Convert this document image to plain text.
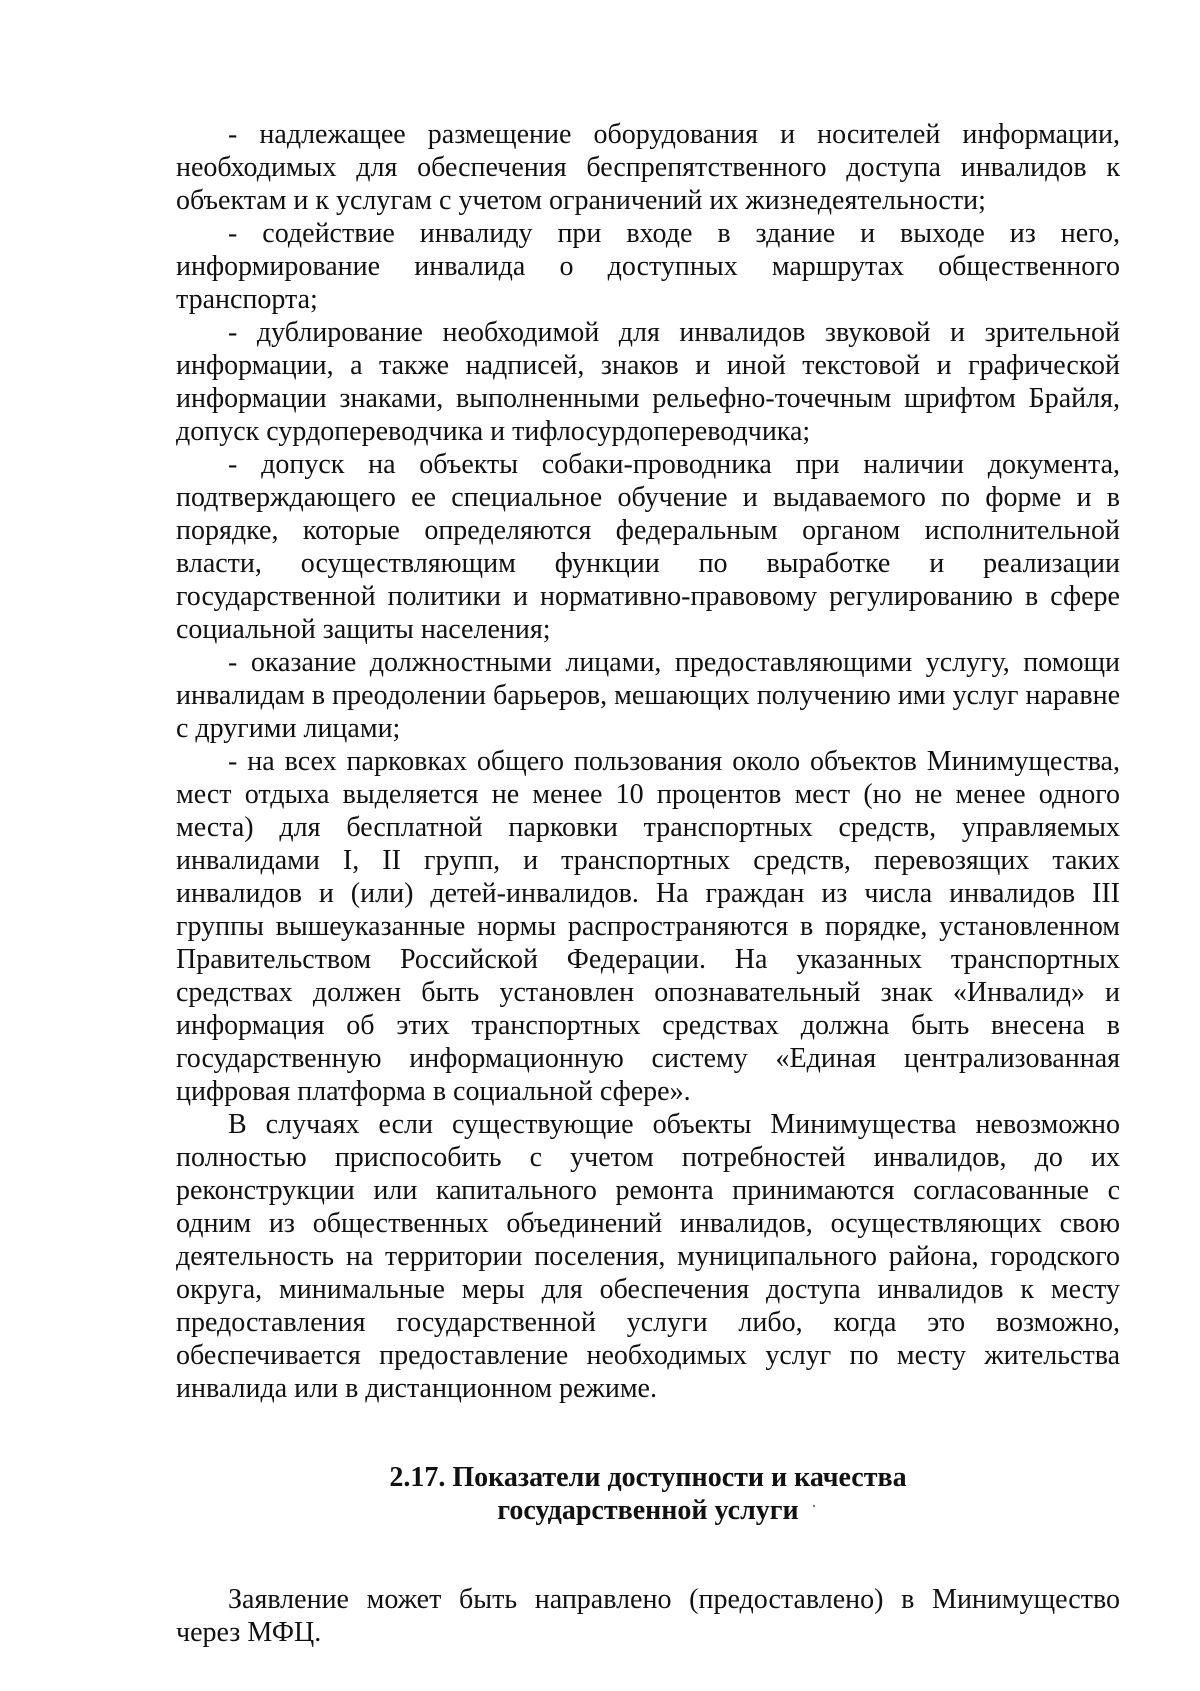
- надлежащее размещение оборудования и носителей информации, необходимых для обеспечения беспрепятственного доступа инвалидов к объектам и к услугам с учетом ограничений их жизнедеятельности;

- содействие инвалиду при входе в здание и выходе из него, информирование инвалида о доступных маршрутах общественного транспорта;

- дублирование необходимой для инвалидов звуковой и зрительной информации, а также надписей, знаков и иной текстовой и графической информации знаками, выполненными рельефно-точечным шрифтом Брайля, допуск сурдопереводчика и тифлосурдопереводчика;

- допуск на объекты собаки-проводника при наличии документа, подтверждающего ее специальное обучение и выдаваемого по форме и в порядке, которые определяются федеральным органом исполнительной власти, осуществляющим функции по выработке и реализации государственной политики и нормативно-правовому регулированию в сфере социальной защиты населения;

- оказание должностными лицами, предоставляющими услугу, помощи инвалидам в преодолении барьеров, мешающих получению ими услуг наравне с другими лицами;

- на всех парковках общего пользования около объектов Минимущества, мест отдыха выделяется не менее 10 процентов мест (но не менее одного места) для бесплатной парковки транспортных средств, управляемых инвалидами I, II групп, и транспортных средств, перевозящих таких инвалидов и (или) детей-инвалидов. На граждан из числа инвалидов III группы вышеуказанные нормы распространяются в порядке, установленном Правительством Российской Федерации. На указанных транспортных средствах должен быть установлен опознавательный знак «Инвалид» и информация об этих транспортных средствах должна быть внесена в государственную информационную систему «Единая централизованная цифровая платформа в социальной сфере».

В случаях если существующие объекты Минимущества невозможно полностью приспособить с учетом потребностей инвалидов, до их реконструкции или капитального ремонта принимаются согласованные с одним из общественных объединений инвалидов, осуществляющих свою деятельность на территории поселения, муниципального района, городского округа, минимальные меры для обеспечения доступа инвалидов к месту предоставления государственной услуги либо, когда это возможно, обеспечивается предоставление необходимых услуг по месту жительства инвалида или в дистанционном режиме.

2.17. Показатели доступности и качества
государственной услуги

Заявление может быть направлено (предоставлено) в Минимущество через МФЦ.
